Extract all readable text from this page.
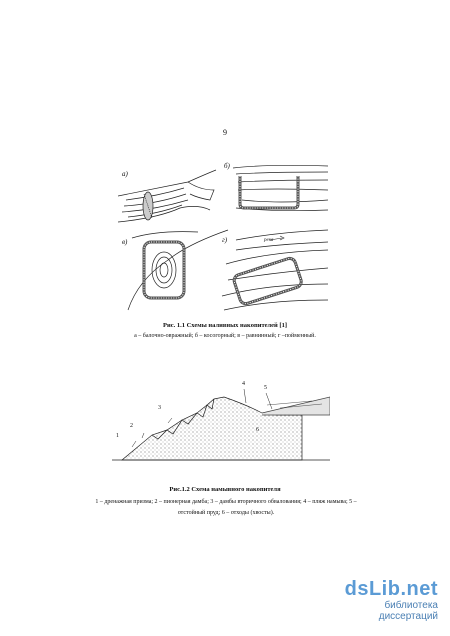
9
а)
б)
в)	г)	река
Рис. 1.1 Схемы наливных накопителей [1]
а – балочно-овражный; б – косогорный; в – равнинный; г –пойменный.
1
2
3
4
5
6
Рис.1.2 Схема намывного накопителя
1 – дренажная призма; 2 – пионерная дамба; 3 – дамбы вторичного обвалования; 4 – пляж намыва; 5 – отстойный пруд; 6 – отходы (хвосты).
dsLib.net
библиотека диссертаций
